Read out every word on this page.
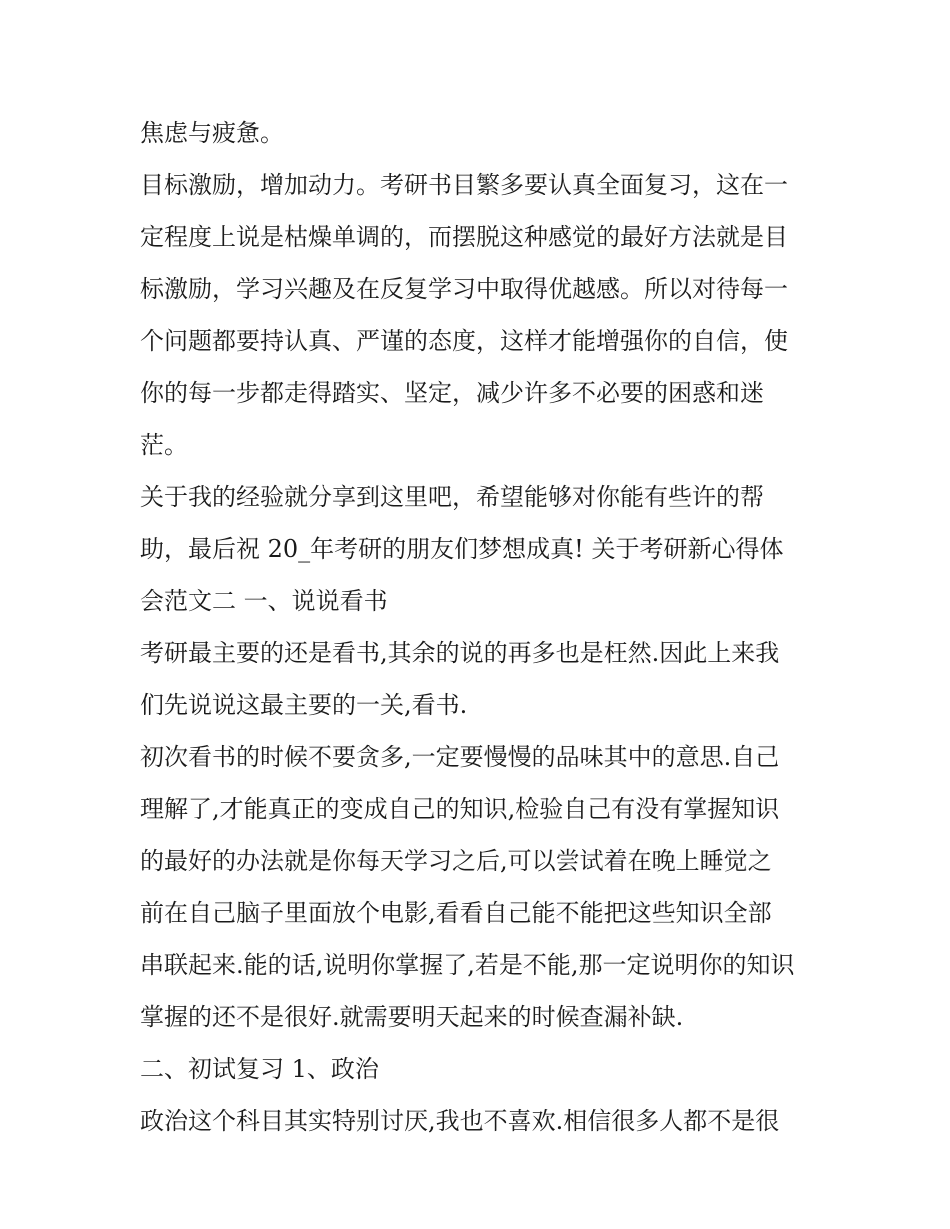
焦虑与疲惫。

目标激励，增加动力。考研书目繁多要认真全面复习，这在一
定程度上说是枯燥单调的，而摆脱这种感觉的最好方法就是目
标激励，学习兴趣及在反复学习中取得优越感。所以对待每一
个问题都要持认真、严谨的态度，这样才能增强你的自信，使
你的每一步都走得踏实、坚定，减少许多不必要的困惑和迷
茫。

关于我的经验就分享到这里吧，希望能够对你能有些许的帮
助，最后祝 20_年考研的朋友们梦想成真! 关于考研新心得体
会范文二 一、说说看书

考研最主要的还是看书,其余的说的再多也是枉然.因此上来我
们先说说这最主要的一关,看书.

初次看书的时候不要贪多,一定要慢慢的品味其中的意思.自己
理解了,才能真正的变成自己的知识,检验自己有没有掌握知识
的最好的办法就是你每天学习之后,可以尝试着在晚上睡觉之
前在自己脑子里面放个电影,看看自己能不能把这些知识全部
串联起来.能的话,说明你掌握了,若是不能,那一定说明你的知识
掌握的还不是很好.就需要明天起来的时候查漏补缺.

二、初试复习 1、政治

政治这个科目其实特别讨厌,我也不喜欢.相信很多人都不是很
